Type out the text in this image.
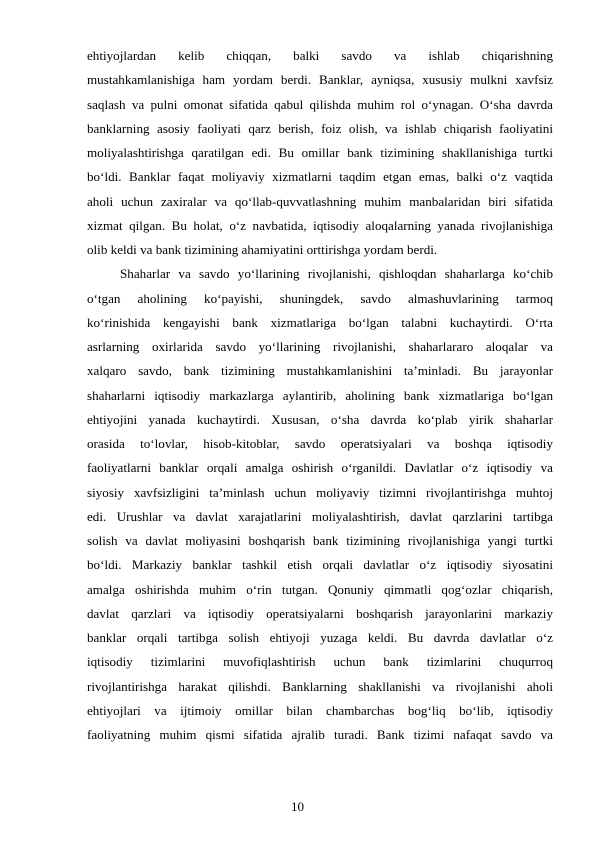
ehtiyojlardan kelib chiqqan, balki savdo va ishlab chiqarishning
mustahkamlanishiga ham yordam berdi. Banklar, ayniqsa, xususiy mulkni xavfsiz
saqlash va pulni omonat sifatida qabul qilishda muhim rol o‘ynagan. O‘sha davrda
banklarning asosiy faoliyati qarz berish, foiz olish, va ishlab chiqarish faoliyatini
moliyalashtirishga qaratilgan edi. Bu omillar bank tizimining shakllanishiga turtki
bo‘ldi. Banklar faqat moliyaviy xizmatlarni taqdim etgan emas, balki o‘z vaqtida
aholi uchun zaxiralar va qo‘llab-quvvatlashning muhim manbalaridan biri sifatida
xizmat qilgan. Bu holat, o‘z navbatida, iqtisodiy aloqalarning yanada rivojlanishiga
olib keldi va bank tizimining ahamiyatini orttirishga yordam berdi.
Shaharlar va savdo yo‘llarining rivojlanishi, qishloqdan shaharlarga ko‘chib
o‘tgan aholining ko‘payishi, shuningdek, savdo almashuvlarining tarmoq
ko‘rinishida kengayishi bank xizmatlariga bo‘lgan talabni kuchaytirdi. O‘rta
asrlarning oxirlarida savdo yo‘llarining rivojlanishi, shaharlararo aloqalar va
xalqaro savdo, bank tizimining mustahkamlanishini ta’minladi. Bu jarayonlar
shaharlarni iqtisodiy markazlarga aylantirib, aholining bank xizmatlariga bo‘lgan
ehtiyojini yanada kuchaytirdi. Xususan, o‘sha davrda ko‘plab yirik shaharlar
orasida to‘lovlar, hisob-kitoblar, savdo operatsiyalari va boshqa iqtisodiy
faoliyatlarni banklar orqali amalga oshirish o‘rganildi. Davlatlar o‘z iqtisodiy va
siyosiy xavfsizligini ta’minlash uchun moliyaviy tizimni rivojlantirishga muhtoj
edi. Urushlar va davlat xarajatlarini moliyalashtirish, davlat qarzlarini tartibga
solish va davlat moliyasini boshqarish bank tizimining rivojlanishiga yangi turtki
bo‘ldi. Markaziy banklar tashkil etish orqali davlatlar o‘z iqtisodiy siyosatini
amalga oshirishda muhim o‘rin tutgan. Qonuniy qimmatli qog‘ozlar chiqarish,
davlat qarzlari va iqtisodiy operatsiyalarni boshqarish jarayonlarini markaziy
banklar orqali tartibga solish ehtiyoji yuzaga keldi. Bu davrda davlatlar o‘z
iqtisodiy tizimlarini muvofiqlashtirish uchun bank tizimlarini chuqurroq
rivojlantirishga harakat qilishdi. Banklarning shakllanishi va rivojlanishi aholi
ehtiyojlari va ijtimoiy omillar bilan chambarchas bog‘liq bo‘lib, iqtisodiy
faoliyatning muhim qismi sifatida ajralib turadi. Bank tizimi nafaqat savdo va
10
